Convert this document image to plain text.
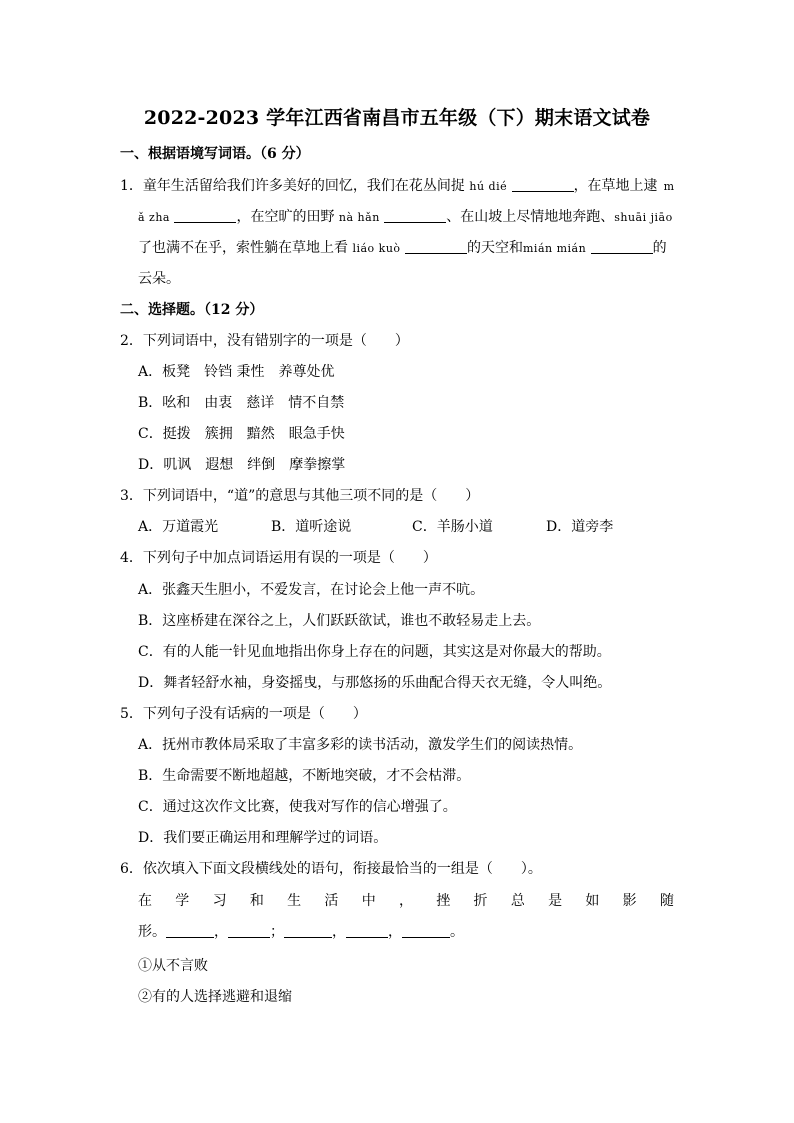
2022-2023 学年江西省南昌市五年级（下）期末语文试卷
一、根据语境写词语。（6 分）
1．童年生活留给我们许多美好的回忆，我们在花丛间捉 hú dié	，在草地上逮 m
ǎ zha	，在空旷的田野 nà hǎn	、在山坡上尽情地地奔跑、shuāi jiāo
了也满不在乎，索性躺在草地上看 liáo kuò	的天空和mián mián	的
云朵。
二、选择题。（12 分）
2．下列词语中，没有错别字的一项是（　　）
A．板凳　铃铛 秉性　养尊处优
B．吆和　由衷　慈详　情不自禁
C．挺拨　簇拥　黯然　眼急手快
D．叽讽　遐想　绊倒　摩拳擦掌
3．下列词语中，“道”的意思与其他三项不同的是（　　）
A．万道霞光	B．道听途说	C．羊肠小道	D．道旁李
4．下列句子中加点词语运用有误的一项是（　　）
A．张鑫天生胆小，不爱发言，在讨论会上他一声不吭。
B．这座桥建在深谷之上，人们跃跃欲试，谁也不敢轻易走上去。
C．有的人能一针见血地指出你身上存在的问题，其实这是对你最大的帮助。
D．舞者轻舒水袖，身姿摇曳，与那悠扬的乐曲配合得天衣无缝，令人叫绝。
5．下列句子没有话病的一项是（　　）
A．抚州市教体局采取了丰富多彩的读书活动，激发学生们的阅读热情。
B．生命需要不断地超越，不断地突破，才不会枯滞。
C．通过这次作文比赛，使我对写作的信心增强了。
D．我们要正确运用和理解学过的词语。
6．依次填入下面文段横线处的语句，衔接最恰当的一组是（　　）。
在 学 习 和 生 活 中 ， 挫 折 总 是 如 影 随
形。	，	；	，	，	。
①从不言败
②有的人选择逃避和退缩
